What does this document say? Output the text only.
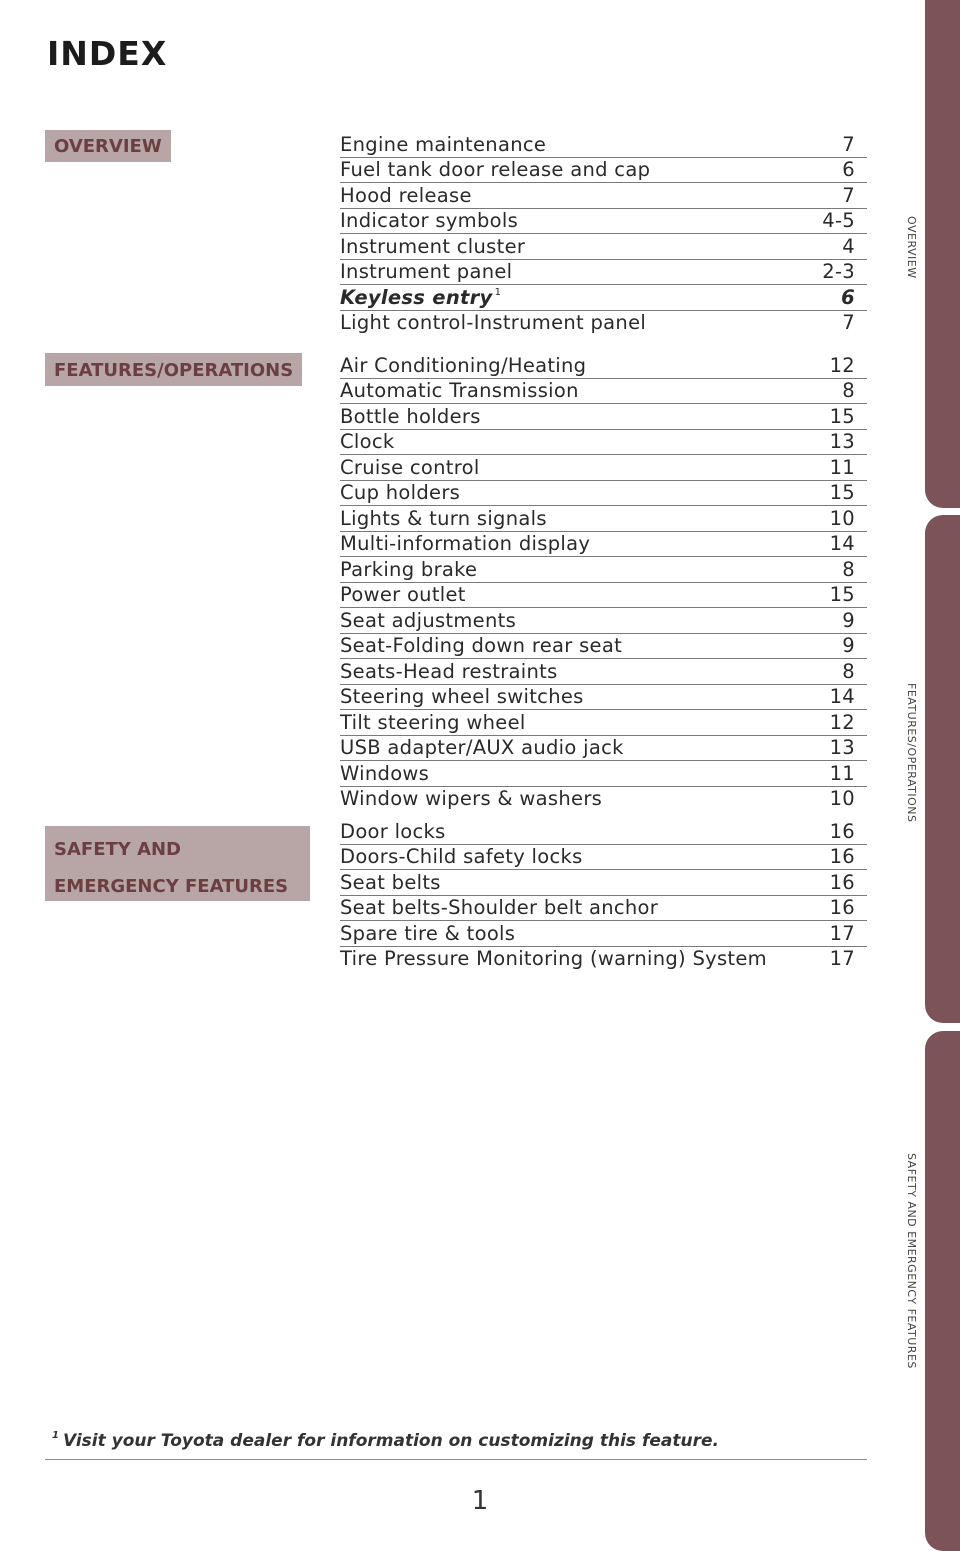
INDEX
OVERVIEW
FEATURES/OPERATIONS
SAFETY AND
EMERGENCY FEATURES
Engine maintenance	7
Fuel tank door release and cap	6
Hood release	7
Indicator symbols	4-5
Instrument cluster	4
Instrument panel	2-3
Keyless entry $^1$	6
Light control-Instrument panel	7
Air Conditioning/Heating	12
Automatic Transmission	8
Bottle holders	15
Clock	13
Cruise control	11
Cup holders	15
Lights & turn signals	10
Multi-information display	14
Parking brake	8
Power outlet	15
Seat adjustments	9
Seat-Folding down rear seat	9
Seats-Head restraints	8
Steering wheel switches	14
Tilt steering wheel	12
USB adapter/AUX audio jack	13
Windows	11
Window wipers & washers	10
Door locks	16
Doors-Child safety locks	16
Seat belts	16
Seat belts-Shoulder belt anchor	16
Spare tire & tools	17
Tire Pressure Monitoring (warning) System	17
$^1$ Visit your Toyota dealer for information on customizing this feature.
1
OVERVIEW
FEATURES/OPERATIONS
SAFETY AND EMERGENCY FEATURES
